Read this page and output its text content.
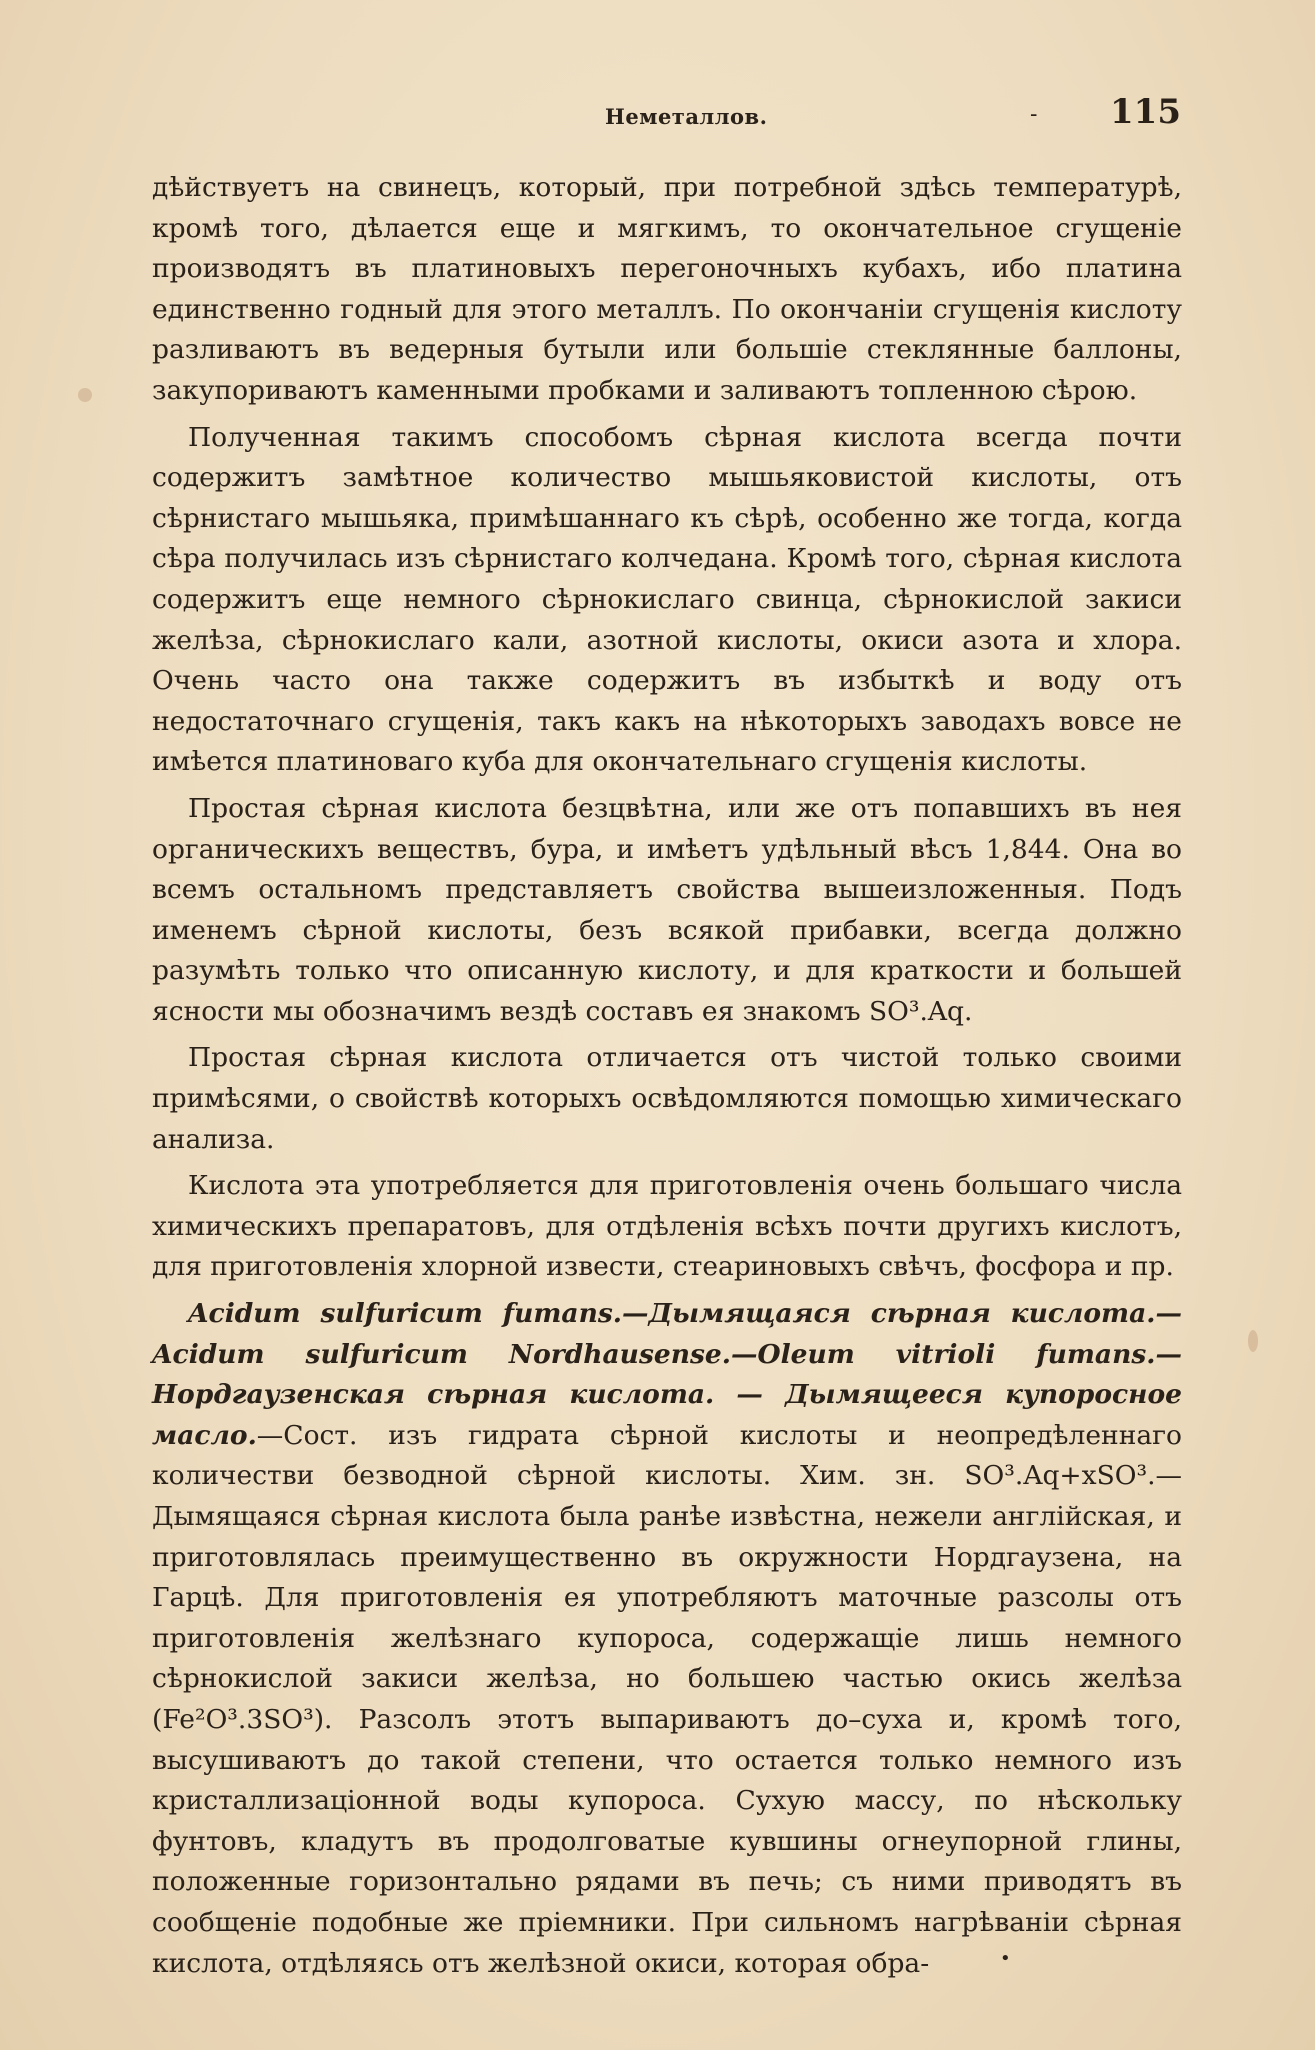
Неметаллов.	- 115

дѣйствуетъ на свинецъ, который, при потребной здѣсь температурѣ, кромѣ того, дѣлается еще и мягкимъ, то окончательное сгущеніе производятъ въ платиновыхъ перегоночныхъ кубахъ, ибо платина единственно годный для этого металлъ. По окончаніи сгущенія кислоту разливаютъ въ ведерныя бутыли или большіе стеклянные баллоны, закупориваютъ каменными пробками и заливаютъ топленною сѣрою.

Полученная такимъ способомъ сѣрная кислота всегда почти содержитъ замѣтное количество мышьяковистой кислоты, отъ сѣрнистаго мышьяка, примѣшаннаго къ сѣрѣ, особенно же тогда, когда сѣра получилась изъ сѣрнистаго колчедана. Кромѣ того, сѣрная кислота содержитъ еще немного сѣрнокислаго свинца, сѣрнокислой закиси желѣза, сѣрнокислаго кали, азотной кислоты, окиси азота и хлора. Очень часто она также содержитъ въ избыткѣ и воду отъ недостаточнаго сгущенія, такъ какъ на нѣкоторыхъ заводахъ вовсе не имѣется платиноваго куба для окончательнаго сгущенія кислоты.

Простая сѣрная кислота безцвѣтна, или же отъ попавшихъ въ нея органическихъ веществъ, бура, и имѣетъ удѣльный вѣсъ 1,844. Она во всемъ остальномъ представляетъ свойства вышеизложенныя. Подъ именемъ сѣрной кислоты, безъ всякой прибавки, всегда должно разумѣть только что описанную кислоту, и для краткости и большей ясности мы обозначимъ вездѣ составъ ея знакомъ SO³.Aq.

Простая сѣрная кислота отличается отъ чистой только своими примѣсями, о свойствѣ которыхъ освѣдомляются помощью химическаго анализа.

Кислота эта употребляется для приготовленія очень большаго числа химическихъ препаратовъ, для отдѣленія всѣхъ почти другихъ кислотъ, для приготовленія хлорной извести, стеариновыхъ свѣчъ, фосфора и пр.

Acidum sulfuricum fumans.—Дымящаяся сѣрная кислота.—Acidum sulfuricum Nordhausense.—Oleum vitrioli fumans.—Нордгаузенская сѣрная кислота. — Дымящееся купоросное масло.—Сост. изъ гидрата сѣрной кислоты и неопредѣленнаго количестви безводной сѣрной кислоты. Хим. зн. SO³.Aq+xSO³.—Дымящаяся сѣрная кислота была ранѣе извѣстна, нежели англійская, и приготовлялась преимущественно въ окружности Нордгаузена, на Гарцѣ. Для приготовленія ея употребляютъ маточные разсолы отъ приготовленія желѣзнаго купороса, содержащіе лишь немного сѣрнокислой закиси желѣза, но большею частью окись желѣза (Fe²O³.3SO³). Разсолъ этотъ выпариваютъ до–суха и, кромѣ того, высушиваютъ до такой степени, что остается только немного изъ кристаллизаціонной воды купороса. Сухую массу, по нѣскольку фунтовъ, кладутъ въ продолговатые кувшины огнеупорной глины, положенные горизонтально рядами въ печь; съ ними приводятъ въ сообщеніе подобные же пріемники. При сильномъ нагрѣваніи сѣрная кислота, отдѣляясь отъ желѣзной окиси, которая обра-	•
